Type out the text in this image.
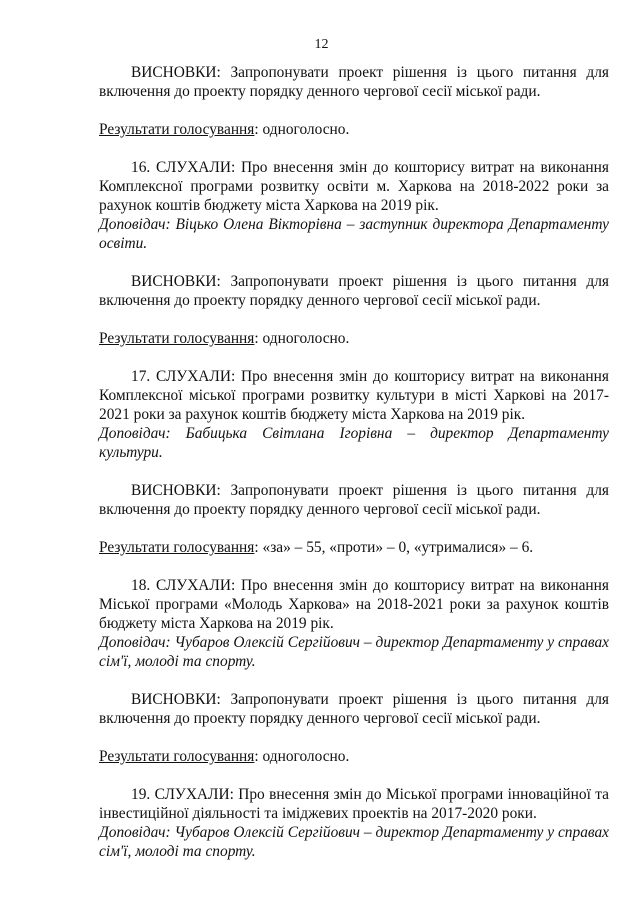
12

ВИСНОВКИ: Запропонувати проект рішення із цього питання для включення до проекту порядку денного чергової сесії міської ради.

Результати голосування: одноголосно.

16. СЛУХАЛИ: Про внесення змін до кошторису витрат на виконання Комплексної програми розвитку освіти м. Харкова на 2018-2022 роки за рахунок коштів бюджету міста Харкова на 2019 рік.

Доповідач: Віцько Олена Вікторівна – заступник директора Департаменту освіти.

ВИСНОВКИ: Запропонувати проект рішення із цього питання для включення до проекту порядку денного чергової сесії міської ради.

Результати голосування: одноголосно.

17. СЛУХАЛИ: Про внесення змін до кошторису витрат на виконання Комплексної міської програми розвитку культури в місті Харкові на 2017-2021 роки за рахунок коштів бюджету міста Харкова на 2019 рік.

Доповідач: Бабицька Світлана Ігорівна – директор Департаменту культури.

ВИСНОВКИ: Запропонувати проект рішення із цього питання для включення до проекту порядку денного чергової сесії міської ради.

Результати голосування: «за» – 55, «проти» – 0, «утрималися» – 6.

18. СЛУХАЛИ: Про внесення змін до кошторису витрат на виконання Міської програми «Молодь Харкова» на 2018-2021 роки за рахунок коштів бюджету міста Харкова на 2019 рік.

Доповідач: Чубаров Олексій Сергійович – директор Департаменту у справах сім'ї, молоді та спорту.

ВИСНОВКИ: Запропонувати проект рішення із цього питання для включення до проекту порядку денного чергової сесії міської ради.

Результати голосування: одноголосно.

19. СЛУХАЛИ: Про внесення змін до Міської програми інноваційної та інвестиційної діяльності та іміджевих проектів на 2017-2020 роки.

Доповідач: Чубаров Олексій Сергійович – директор Департаменту у справах сім'ї, молоді та спорту.
